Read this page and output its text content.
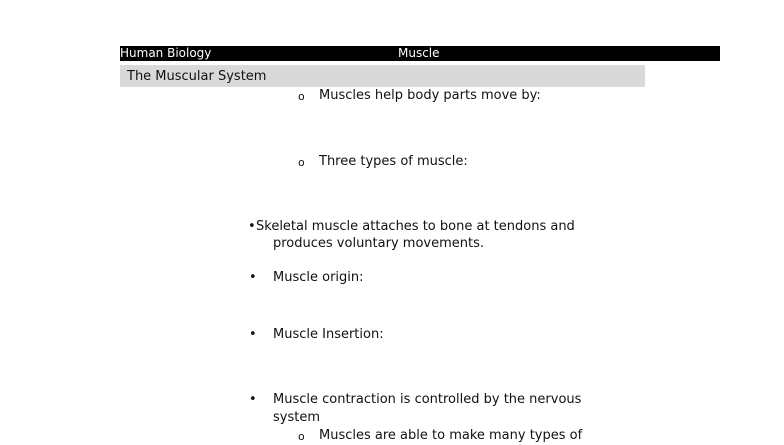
Human Biology	Muscle
The Muscular System
o Muscles help body parts move by:
o Three types of muscle:
• Skeletal muscle attaches to bone at tendons and
produces voluntary movements.
• Muscle origin:
• Muscle Insertion:
• Muscle contraction is controlled by the nervous
system
o Muscles are able to make many types of
